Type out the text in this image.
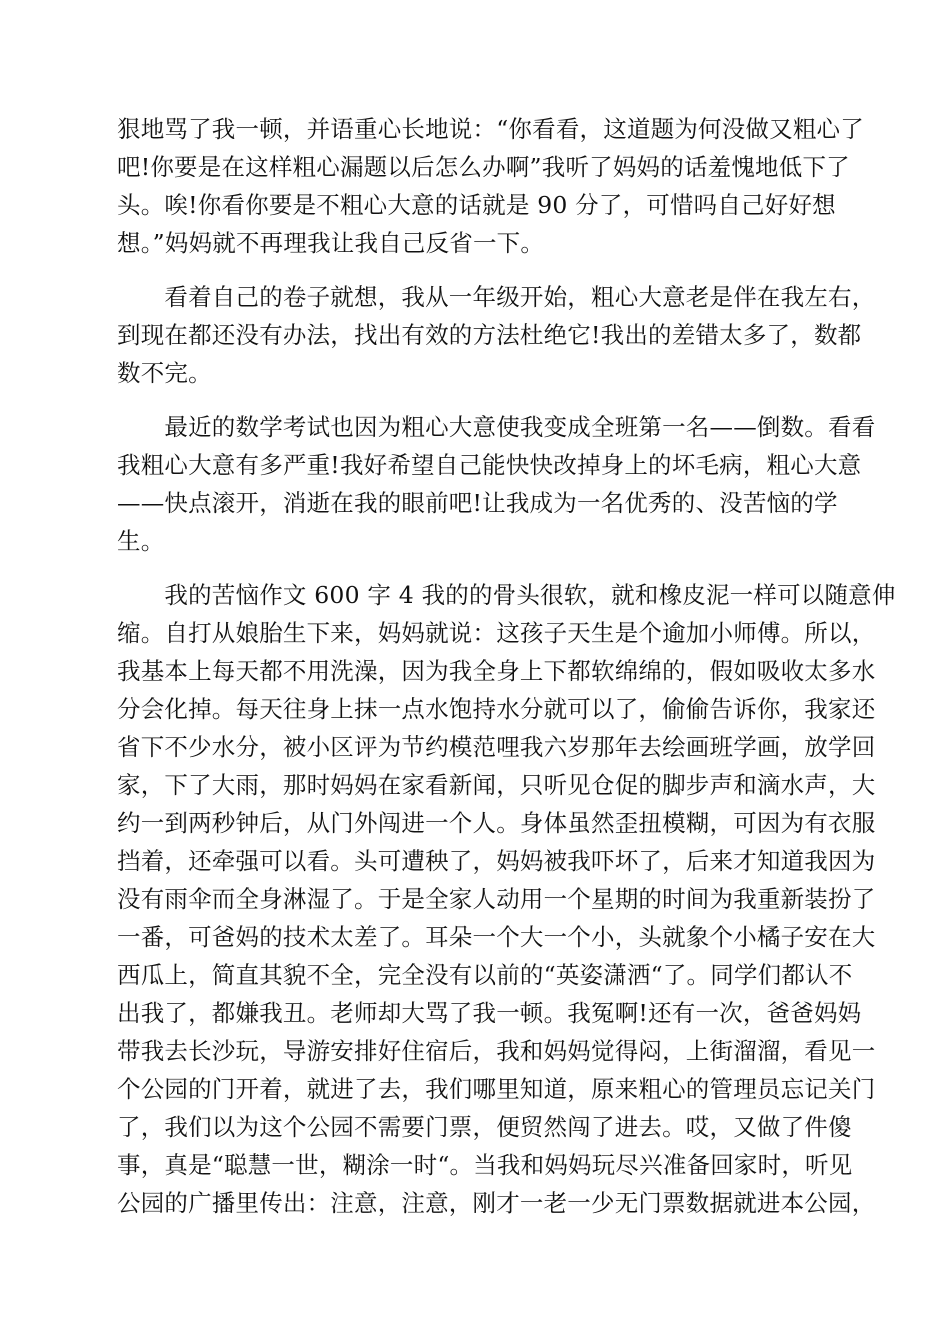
狠地骂了我一顿，并语重心长地说：“你看看，这道题为何没做又粗心了
吧!你要是在这样粗心漏题以后怎么办啊”我听了妈妈的话羞愧地低下了
头。唉!你看你要是不粗心大意的话就是 90 分了，可惜吗自己好好想
想。”妈妈就不再理我让我自己反省一下。
　　看着自己的卷子就想，我从一年级开始，粗心大意老是伴在我左右，
到现在都还没有办法，找出有效的方法杜绝它!我出的差错太多了，数都
数不完。
　　最近的数学考试也因为粗心大意使我变成全班第一名——倒数。看看
我粗心大意有多严重!我好希望自己能快快改掉身上的坏毛病，粗心大意
——快点滚开，消逝在我的眼前吧!让我成为一名优秀的、没苦恼的学
生。
　　我的苦恼作文 600 字 4 我的的骨头很软，就和橡皮泥一样可以随意伸
缩。自打从娘胎生下来，妈妈就说：这孩子天生是个逾加小师傅。所以，
我基本上每天都不用洗澡，因为我全身上下都软绵绵的，假如吸收太多水
分会化掉。每天往身上抹一点水饱持水分就可以了，偷偷告诉你，我家还
省下不少水分，被小区评为节约模范哩我六岁那年去绘画班学画，放学回
家，下了大雨，那时妈妈在家看新闻，只听见仓促的脚步声和滴水声，大
约一到两秒钟后，从门外闯进一个人。身体虽然歪扭模糊，可因为有衣服
挡着，还牵强可以看。头可遭秧了，妈妈被我吓坏了，后来才知道我因为
没有雨伞而全身淋湿了。于是全家人动用一个星期的时间为我重新装扮了
一番，可爸妈的技术太差了。耳朵一个大一个小，头就象个小橘子安在大
西瓜上，简直其貌不全，完全没有以前的“英姿潇洒“了。同学们都认不
出我了，都嫌我丑。老师却大骂了我一顿。我冤啊!还有一次，爸爸妈妈
带我去长沙玩，导游安排好住宿后，我和妈妈觉得闷，上街溜溜，看见一
个公园的门开着，就进了去，我们哪里知道，原来粗心的管理员忘记关门
了，我们以为这个公园不需要门票，便贸然闯了进去。哎，又做了件傻
事，真是“聪慧一世，糊涂一时“。当我和妈妈玩尽兴准备回家时，听见
公园的广播里传出：注意，注意，刚才一老一少无门票数据就进本公园，
